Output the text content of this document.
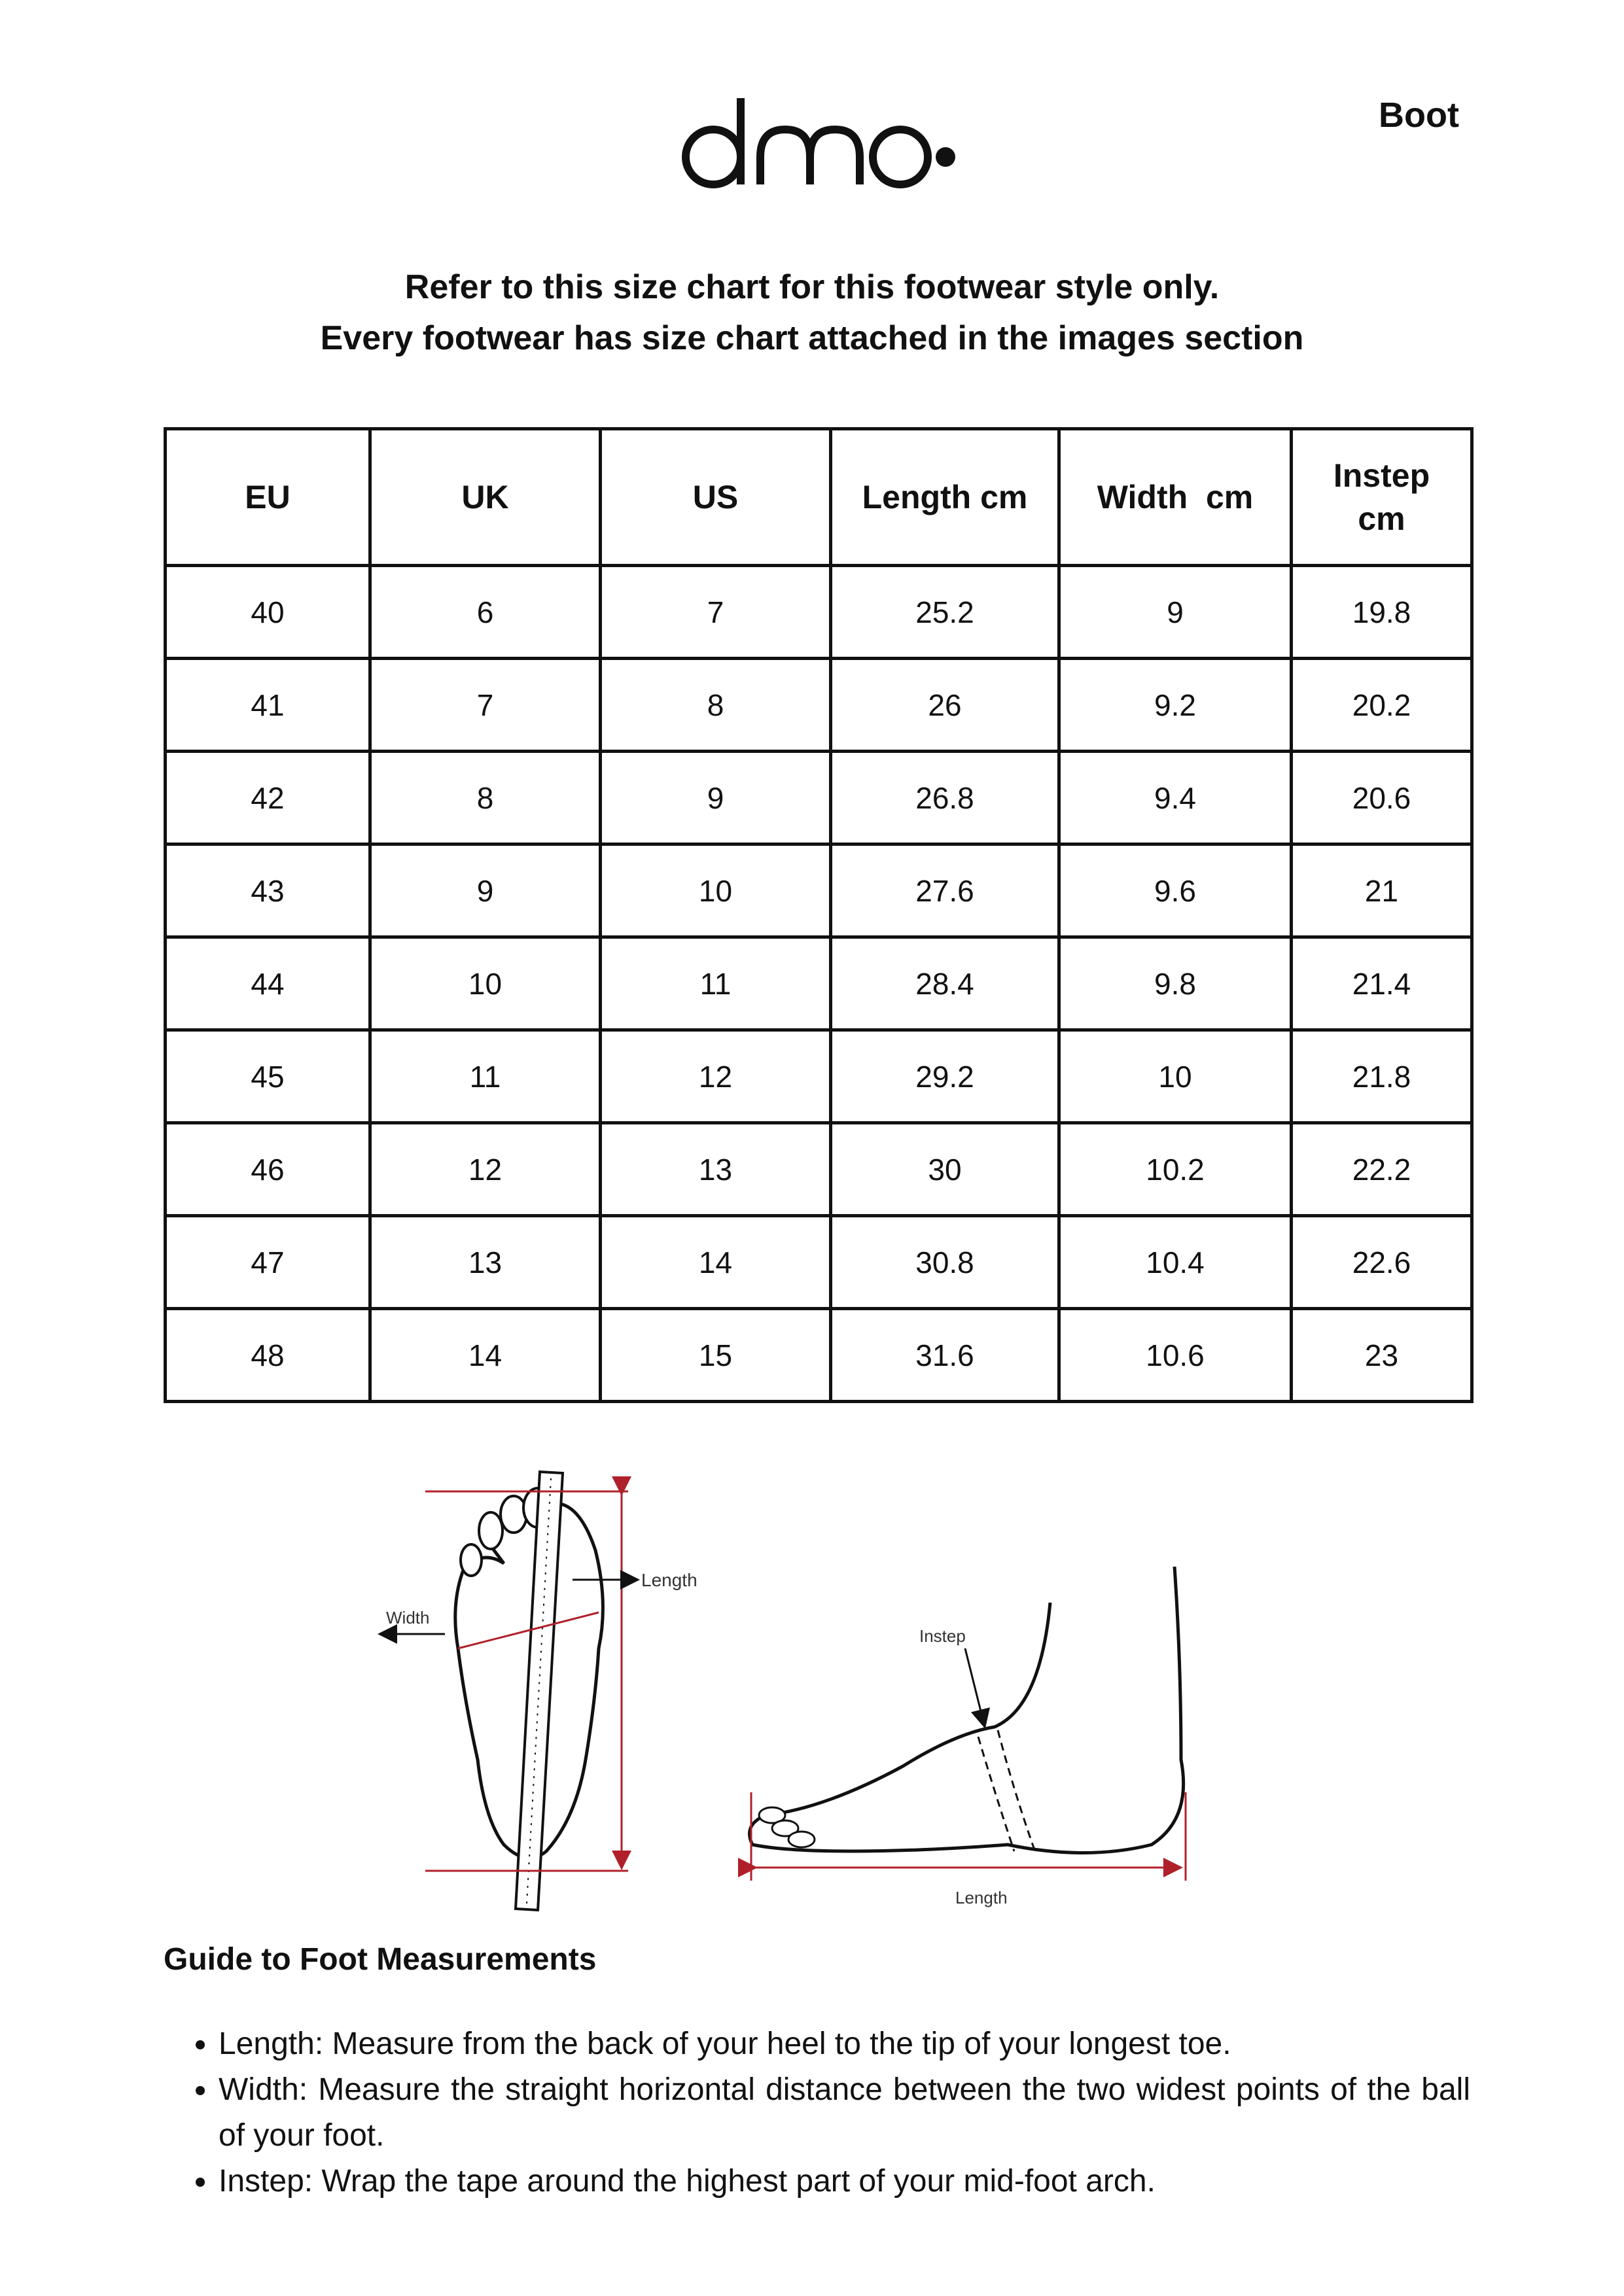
Boot
Refer to this size chart for this footwear style only.
Every footwear has size chart attached in the images section
EU	UK	US	Length cm	Width  cm	Instep cm
40	6	7	25.2	9	19.8
41	7	8	26	9.2	20.2
42	8	9	26.8	9.4	20.6
43	9	10	27.6	9.6	21
44	10	11	28.4	9.8	21.4
45	11	12	29.2	10	21.8
46	12	13	30	10.2	22.2
47	13	14	30.8	10.4	22.6
48	14	15	31.6	10.6	23
Length
Width
Instep
Length
Guide to Foot Measurements
• Length: Measure from the back of your heel to the tip of your longest toe.
• Width: Measure the straight horizontal distance between the two widest points of the ball of your foot.
• Instep: Wrap the tape around the highest part of your mid-foot arch.
